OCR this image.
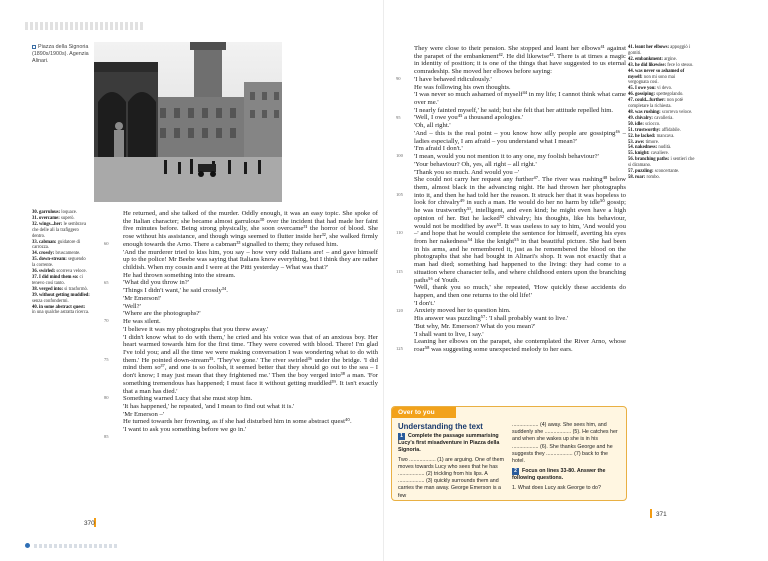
Piazza della Signoria (1890s/1900s). Agenzia Alinari.
30. garrulous: loquace.
31. overcame: superò.
32. wings...her: le sembrava che delle ali la trafiggero dentro.
33. cabman: guidatore di carrozza.
34. crossly: bruscamente.
35. down-stream: seguendo la corrente.
36. swirled: scorreva veloce.
37. I did mind them so: ci tenevo così tanto.
38. verged into: si trasformò.
39. without getting muddled: senza confondermi.
40. in some abstract quest: in una qualche astratta ricerca.
60
65
70
75
80
85

He returned, and she talked of the murder. Oddly enough, it was an easy topic. She spoke of the Italian character; she became almost garrulous³⁰ over the incident that had made her faint five minutes before. Being strong physically, she soon overcame³¹ the horror of blood. She rose without his assistance, and though wings seemed to flutter inside her³², she walked firmly enough towards the Arno. There a cabman³³ signalled to them; they refused him.

'And the murderer tried to kiss him, you say – how very odd Italians are! – and gave himself up to the police! Mr Beebe was saying that Italians know everything, but I think they are rather childish. When my cousin and I were at the Pitti yesterday – What was that?'

He had thrown something into the stream.

'What did you throw in?'

'Things I didn't want,' he said crossly³⁴.

'Mr Emerson!'

'Well?'

'Where are the photographs?'

He was silent.

'I believe it was my photographs that you threw away.'

'I didn't know what to do with them,' he cried and his voice was that of an anxious boy. Her heart warmed towards him for the first time. 'They were covered with blood. There! I'm glad I've told you; and all the time we were making conversation I was wondering what to do with them.' He pointed down-stream³⁵. 'They've gone.' The river swirled³⁶ under the bridge. 'I did mind them so³⁷, and one is so foolish, it seemed better that they should go out to the sea – I don't know; I may just mean that they frightened me.' Then the boy verged into³⁸ a man. 'For something tremendous has happened; I must face it without getting muddled³⁹. It isn't exactly that a man has died.'

Something warned Lucy that she must stop him.

'It has happened,' he repeated, 'and I mean to find out what it is.'

'Mr Emerson –'

He turned towards her frowning, as if she had disturbed him in some abstract quest⁴⁰.

'I want to ask you something before we go in.'

370
90
95
100
105
110
115
120
125

They were close to their pension. She stopped and leant her elbows⁴¹ against the parapet of the embankment⁴². He did likewise⁴³. There is at times a magic in identity of position; it is one of the things that have suggested to us eternal comradeship. She moved her elbows before saying:

'I have behaved ridiculously.'

He was following his own thoughts.

'I was never so much ashamed of myself⁴⁴ in my life; I cannot think what came over me.'

'I nearly fainted myself,' he said; but she felt that her attitude repelled him.

'Well, I owe you⁴⁵ a thousand apologies.'

'Oh, all right.'

'And – this is the real point – you know how silly people are gossiping⁴⁶ – ladies especially, I am afraid – you understand what I mean?'

'I'm afraid I don't.'

'I mean, would you not mention it to any one, my foolish behaviour?'

'Your behaviour? Oh, yes, all right – all right.'

'Thank you so much. And would you –'

She could not carry her request any further⁴⁷. The river was rushing⁴⁸ below them, almost black in the advancing night. He had thrown her photographs into it, and then he had told her the reason. It struck her that it was hopeless to look for chivalry⁴⁹ in such a man. He would do her no harm by idle⁵⁰ gossip; he was trustworthy⁵¹, intelligent, and even kind; he might even have a high opinion of her. But he lacked⁵² chivalry; his thoughts, like his behaviour, would not be modified by awe⁵³. It was useless to say to him, 'And would you –' and hope that he would complete the sentence for himself, averting his eyes from her nakedness⁵⁴ like the knight⁵⁵ in that beautiful picture. She had been in his arms, and he remembered it, just as he remembered the blood on the photographs that she had bought in Alinari's shop. It was not exactly that a man had died; something had happened to the living: they had come to a situation where character tells, and where childhood enters upon the branching paths⁵⁶ of Youth.

'Well, thank you so much,' she repeated, 'How quickly these accidents do happen, and then one returns to the old life!'

'I don't.'

Anxiety moved her to question him.

His answer was puzzling⁵⁷: 'I shall probably want to live.'

'But why, Mr. Emerson? What do you mean?'

'I shall want to live, I say.'

Leaning her elbows on the parapet, she contemplated the River Arno, whose roar⁵⁸ was suggesting some unexpected melody to her ears.

41. leant her elbows: appoggiò i gomiti.
42. embankment: argine.
43. he did likewise: fece lo stesso.
44. was never so ashamed of myself: non mi sono mai vergognata così.
45. I owe you: vi devo.
46. gossiping: spettegolando.
47. could...further: non potè completare la richiesta.
48. was rushing: scorreva veloce.
49. chivalry: cavalleria.
50. idle: sciocco.
51. trustworthy: affidabile.
52. he lacked: mancava.
53. awe: timore.
54. nakedness: nudità.
55. knight: cavaliere.
56. branching paths: i sentieri che si diramano.
57. puzzling: sconcertante.
58. roar: rombo.
Over to you
Understanding the text
1 Complete the passage summarising Lucy's first misadventure in Piazza della Signoria.
Two .................. (1) are arguing. One of them moves towards Lucy who sees that he has .................. (2) trickling from his lips. A .................. (3) quickly surrounds them and carries the man away. George Emerson is a few
.................. (4) away. She sees him, and suddenly she .................. (5). He catches her and when she wakes up she is in his .................. (6). She thanks George and he suggests they .................. (7) back to the hotel.
2 Focus on lines 33-80. Answer the following questions.
1. What does Lucy ask George to do?
371
